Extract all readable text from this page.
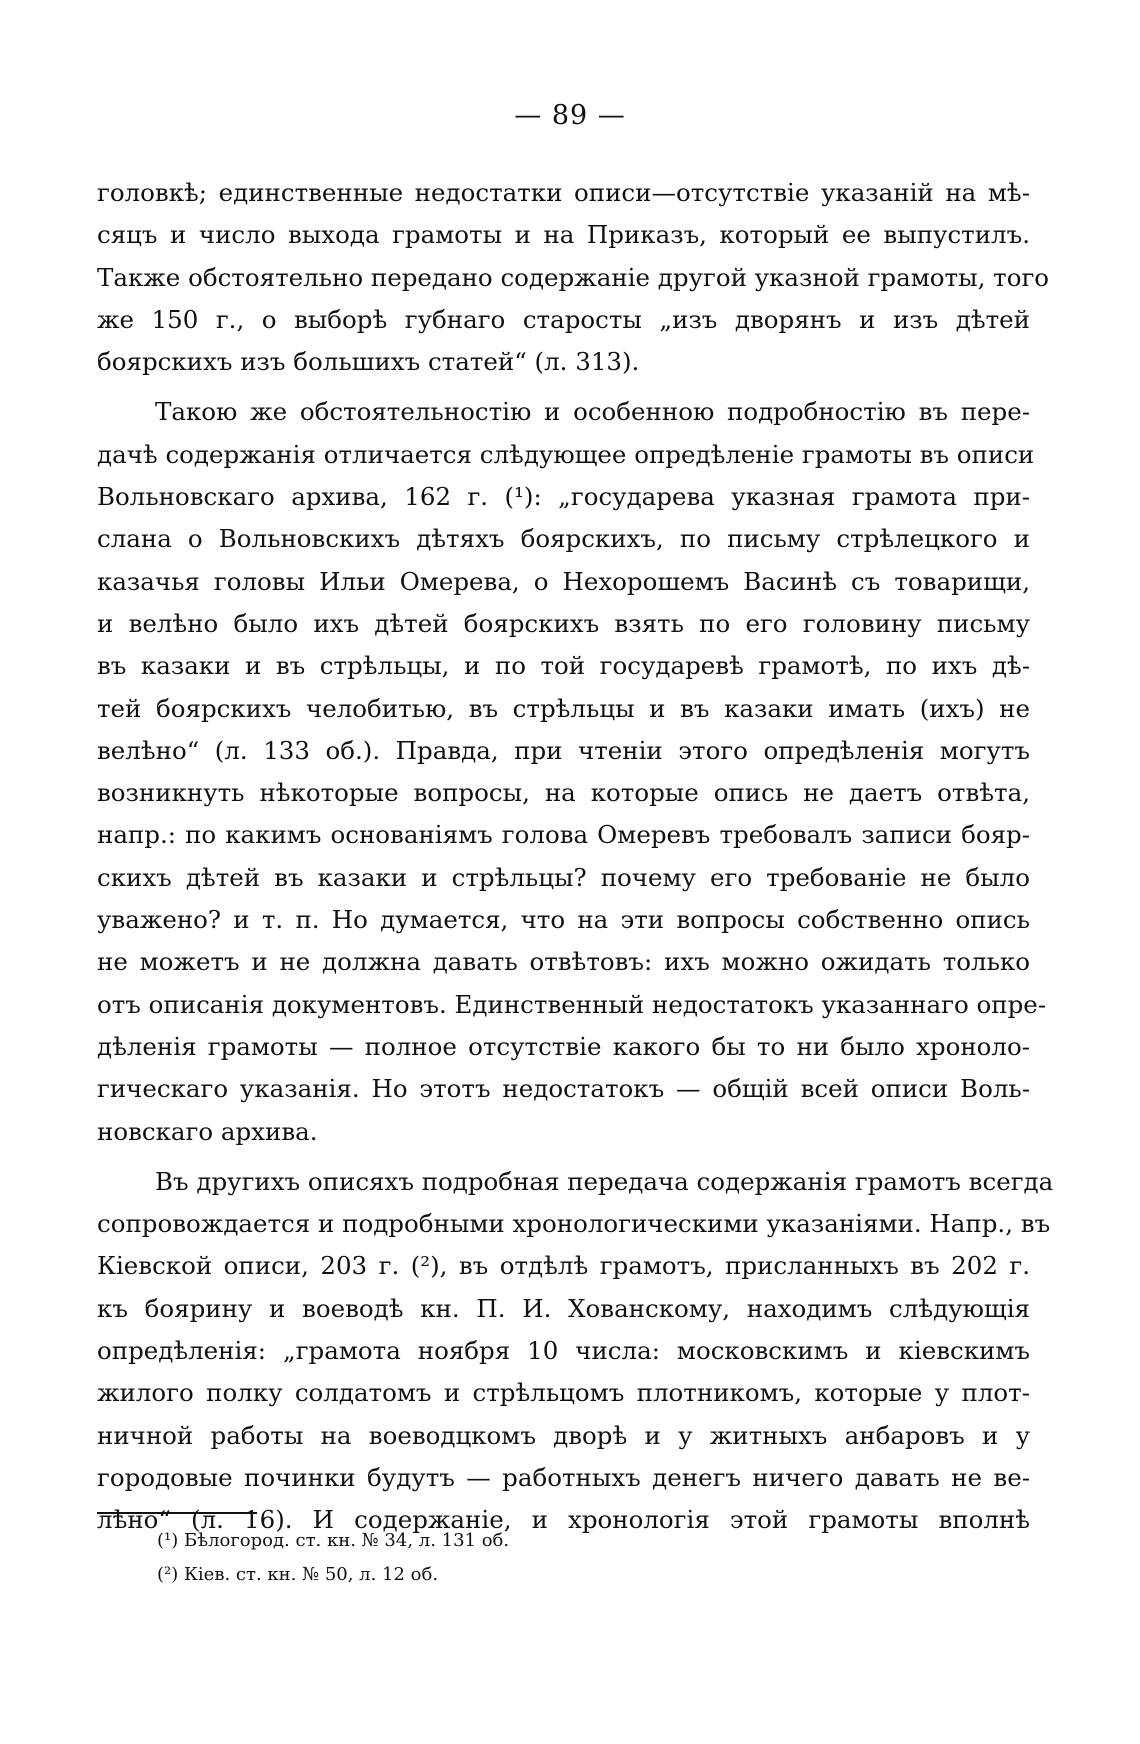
— 89 —

головкѣ; единственные недостатки описи—отсутствіе указаній на мѣ-
сяцъ и число выхода грамоты и на Приказъ, который ее выпустилъ.
Также обстоятельно передано содержаніе другой указной грамоты, того
же 150 г., о выборѣ губнаго старосты „изъ дворянъ и изъ дѣтей
боярскихъ изъ большихъ статей“ (л. 313).

Такою же обстоятельностію и особенною подробностію въ пере-
дачѣ содержанія отличается слѣдующее опредѣленіе грамоты въ описи
Вольновскаго архива, 162 г. (¹): „государева указная грамота при-
слана о Вольновскихъ дѣтяхъ боярскихъ, по письму стрѣлецкого и
казачья головы Ильи Омерева, о Нехорошемъ Васинѣ съ товарищи,
и велѣно было ихъ дѣтей боярскихъ взять по его головину письму
въ казаки и въ стрѣльцы, и по той государевѣ грамотѣ, по ихъ дѣ-
тей боярскихъ челобитью, въ стрѣльцы и въ казаки имать (ихъ) не
велѣно“ (л. 133 об.). Правда, при чтеніи этого опредѣленія могутъ
возникнуть нѣкоторые вопросы, на которые опись не даетъ отвѣта,
напр.: по какимъ основаніямъ голова Омеревъ требовалъ записи бояр-
скихъ дѣтей въ казаки и стрѣльцы? почему его требованіе не было
уважено? и т. п. Но думается, что на эти вопросы собственно опись
не можетъ и не должна давать отвѣтовъ: ихъ можно ожидать только
отъ описанія документовъ. Единственный недостатокъ указаннаго опре-
дѣленія грамоты — полное отсутствіе какого бы то ни было хроноло-
гическаго указанія. Но этотъ недостатокъ — общій всей описи Воль-
новскаго архива.

Въ другихъ описяхъ подробная передача содержанія грамотъ всегда
сопровождается и подробными хронологическими указаніями. Напр., въ
Кіевской описи, 203 г. (²), въ отдѣлѣ грамотъ, присланныхъ въ 202 г.
къ боярину и воеводѣ кн. П. И. Хованскому, находимъ слѣдующія
опредѣленія: „грамота ноября 10 числа: московскимъ и кіевскимъ
жилого полку солдатомъ и стрѣльцомъ плотникомъ, которые у плот-
ничной работы на воеводцкомъ дворѣ и у житныхъ анбаровъ и у
городовые починки будутъ — работныхъ денегъ ничего давать не ве-
лѣно“ (л. 16). И содержаніе, и хронологія этой грамоты вполнѣ

(¹) Бѣлогород. ст. кн. № 34, л. 131 об.
(²) Кіев. ст. кн. № 50, л. 12 об.
